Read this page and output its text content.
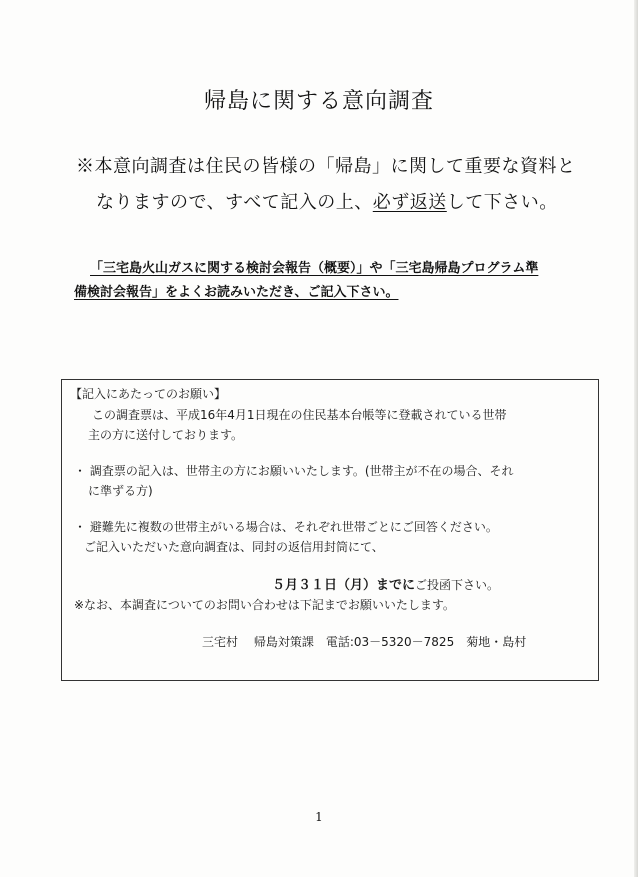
帰島に関する意向調査
※本意向調査は住民の皆様の「帰島」に関して重要な資料と
なりますので、すべて記入の上、必ず返送して下さい。
「三宅島火山ガスに関する検討会報告（概要）」や「三宅島帰島プログラム準
備検討会報告」をよくお読みいただき、ご記入下さい。
【記入にあたってのお願い】
この調査票は、平成16年4月1日現在の住民基本台帳等に登載されている世帯
主の方に送付しております。
・ 調査票の記入は、世帯主の方にお願いいたします。(世帯主が不在の場合、それ
に準ずる方)
・ 避難先に複数の世帯主がいる場合は、それぞれ世帯ごとにご回答ください。
ご記入いただいた意向調査は、同封の返信用封筒にて、
５月３１日（月）までにご投函下さい。
※なお、本調査についてのお問い合わせは下記までお願いいたします。
三宅村　 帰島対策課　電話:03－5320－7825　菊地・島村
1
